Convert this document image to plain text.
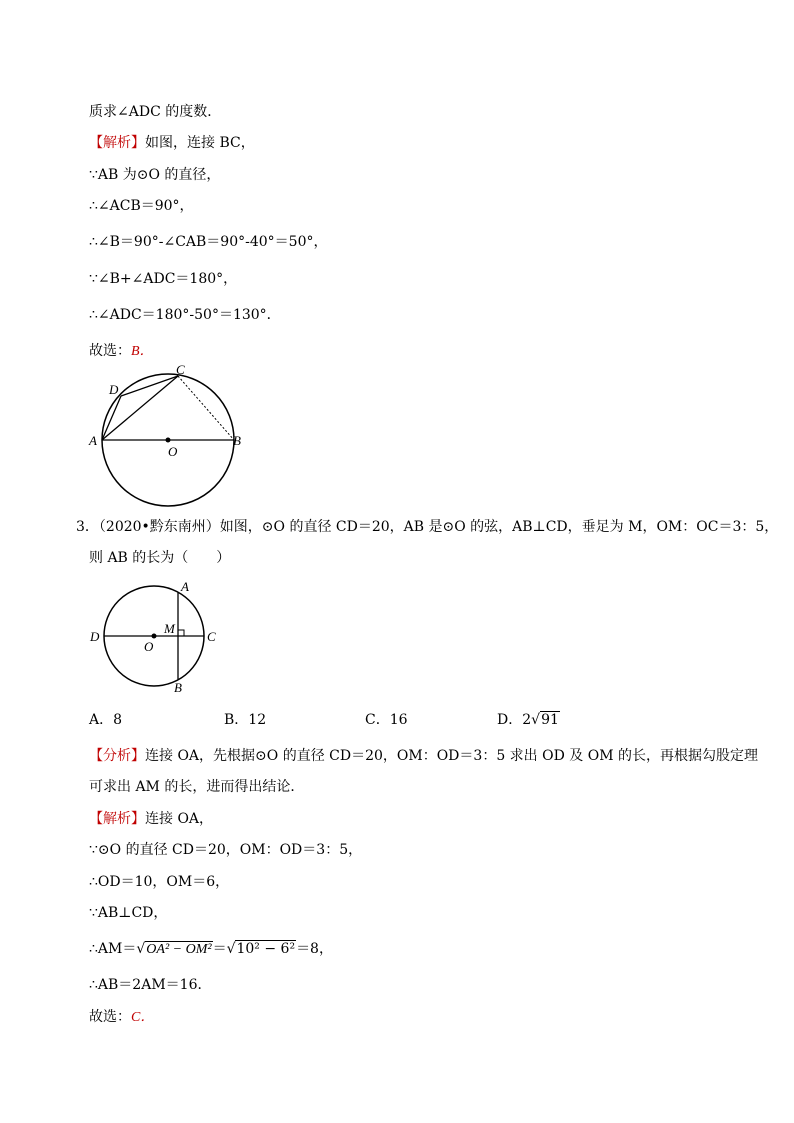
质求∠ADC 的度数．
【解析】如图，连接 BC，
∵AB 为⊙O 的直径，
∴∠ACB＝90°，
∴∠B＝90°-∠CAB＝90°-40°＝50°，
∵∠B+∠ADC＝180°，
∴∠ADC＝180°-50°＝130°．
故选：B．
D
C
A	B
O
3．（2020•黔东南州）如图，⊙O 的直径 CD＝20，AB 是⊙O 的弦，AB⊥CD，垂足为 M，OM：OC＝3：5，
则 AB 的长为（　　）
A
D	C
M
O
B
A．8	B．12	C．16	D．2√91
【分析】连接 OA，先根据⊙O 的直径 CD＝20，OM：OD＝3：5 求出 OD 及 OM 的长，再根据勾股定理
可求出 AM 的长，进而得出结论．
【解析】连接 OA，
∵⊙O 的直径 CD＝20，OM：OD＝3：5，
∴OD＝10，OM＝6，
∵AB⊥CD，
∴AM＝√OA² − OM²＝√10² − 6²＝8，
∴AB＝2AM＝16．
故选：C．
